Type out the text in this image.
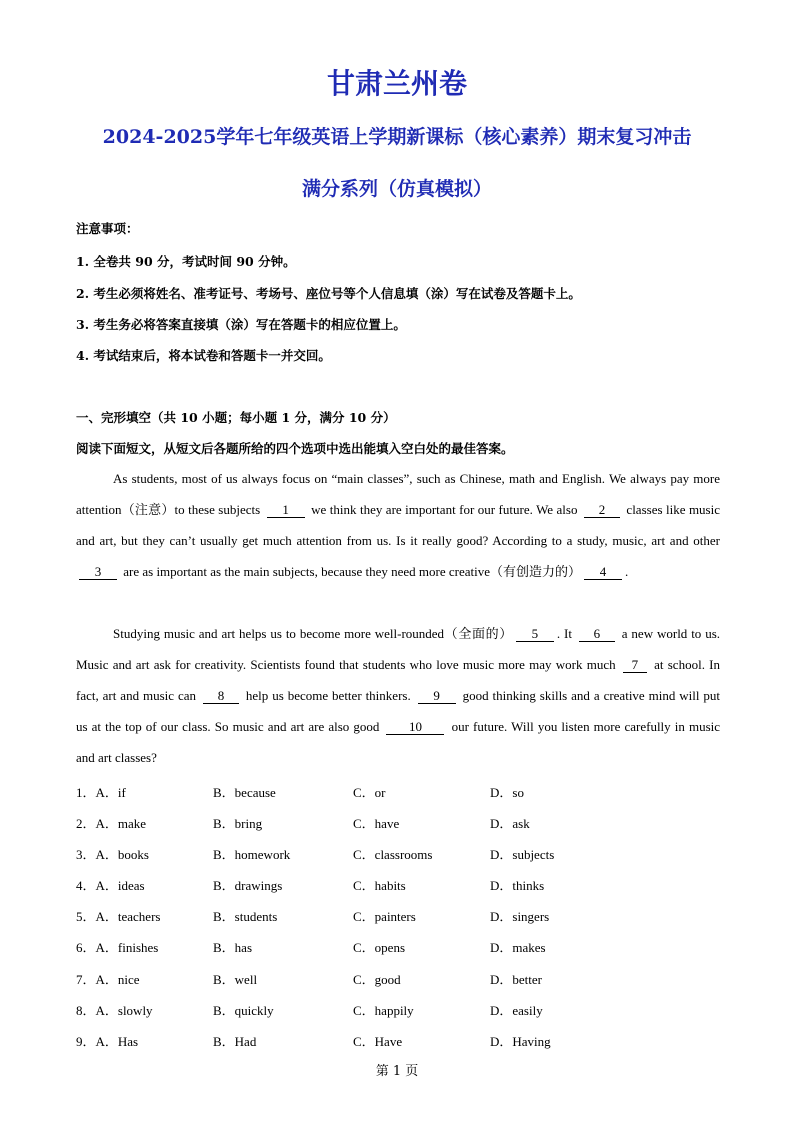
甘肃兰州卷
2024-2025学年七年级英语上学期新课标（核心素养）期末复习冲击
满分系列（仿真模拟）
注意事项：
1. 全卷共 90 分，考试时间 90 分钟。
2. 考生必须将姓名、准考证号、考场号、座位号等个人信息填（涂）写在试卷及答题卡上。
3. 考生务必将答案直接填（涂）写在答题卡的相应位置上。
4. 考试结束后，将本试卷和答题卡一并交回。
一、完形填空（共 10 小题；每小题 1 分，满分 10 分）
阅读下面短文，从短文后各题所给的四个选项中选出能填入空白处的最佳答案。
As students, most of us always focus on “main classes”, such as Chinese, math and English. We always pay more attention（注意）to these subjects 1 we think they are important for our future. We also 2 classes like music and art, but they can’t usually get much attention from us. Is it really good? According to a study, music, art and other 3 are as important as the main subjects, because they need more creative（有创造力的） 4 .
Studying music and art helps us to become more well-rounded（全面的） 5 . It 6 a new world to us. Music and art ask for creativity. Scientists found that students who love music more may work much 7 at school. In fact, art and music can 8 help us become better thinkers. 9 good thinking skills and a creative mind will put us at the top of our class. So music and art are also good 10 our future. Will you listen more carefully in music and art classes?
1．A．if	B．because	C．or	D．so
2．A．make	B．bring	C．have	D．ask
3．A．books	B．homework	C．classrooms	D．subjects
4．A．ideas	B．drawings	C．habits	D．thinks
5．A．teachers	B．students	C．painters	D．singers
6．A．finishes	B．has	C．opens	D．makes
7．A．nice	B．well	C．good	D．better
8．A．slowly	B．quickly	C．happily	D．easily
9．A．Has	B．Had	C．Have	D．Having
第 1 页
